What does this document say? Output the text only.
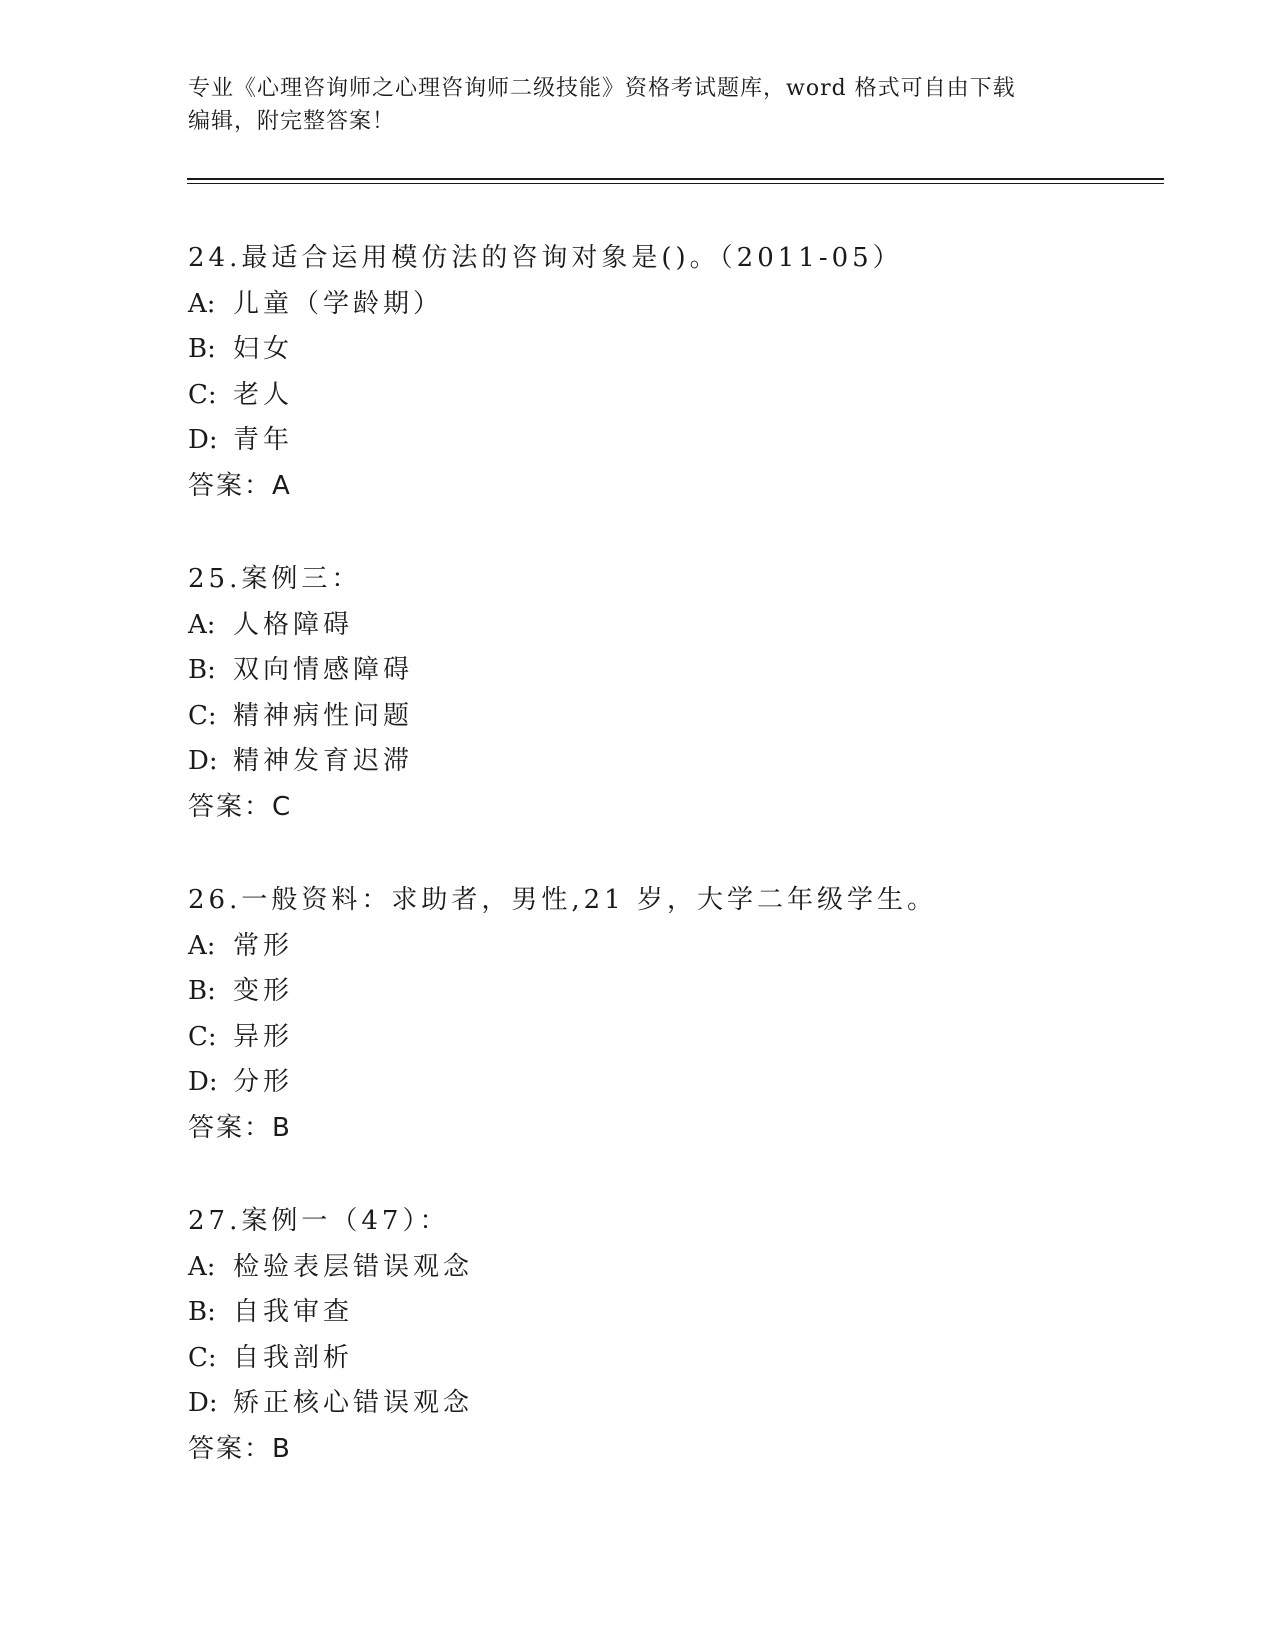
专业《心理咨询师之心理咨询师二级技能》资格考试题库，word 格式可自由下载
编辑，附完整答案！
24.最适合运用模仿法的咨询对象是()。（2011-05）
A: 儿童（学龄期）
B: 妇女
C: 老人
D: 青年
答案：A
25.案例三：
A: 人格障碍
B: 双向情感障碍
C: 精神病性问题
D: 精神发育迟滞
答案：C
26.一般资料：求助者，男性,21 岁，大学二年级学生。
A: 常形
B: 变形
C: 异形
D: 分形
答案：B
27.案例一（47）：
A: 检验表层错误观念
B: 自我审查
C: 自我剖析
D: 矫正核心错误观念
答案：B
